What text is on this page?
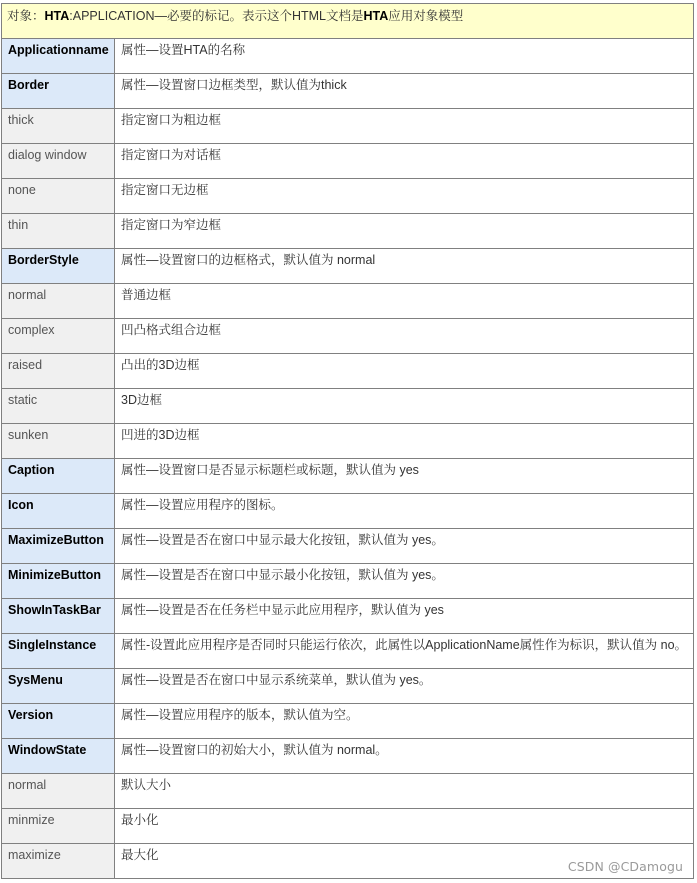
对象：HTA:APPLICATION—必要的标记。表示这个HTML文档是HTA应用对象模型	
Applicationname	属性—设置HTA的名称
Border	属性—设置窗口边框类型，默认值为thick
thick	指定窗口为粗边框
dialog window	指定窗口为对话框
none	指定窗口无边框
thin	指定窗口为窄边框
BorderStyle	属性—设置窗口的边框格式，默认值为 normal
normal	普通边框
complex	凹凸格式组合边框
raised	凸出的3D边框
static	3D边框
sunken	凹进的3D边框
Caption	属性—设置窗口是否显示标题栏或标题，默认值为 yes
Icon	属性—设置应用程序的图标。
MaximizeButton	属性—设置是否在窗口中显示最大化按钮，默认值为 yes。
MinimizeButton	属性—设置是否在窗口中显示最小化按钮，默认值为 yes。
ShowInTaskBar	属性—设置是否在任务栏中显示此应用程序，默认值为 yes
SingleInstance	属性-设置此应用程序是否同时只能运行依次，此属性以ApplicationName属性作为标识，默认值为 no。
SysMenu	属性—设置是否在窗口中显示系统菜单，默认值为 yes。
Version	属性—设置应用程序的版本，默认值为空。
WindowState	属性—设置窗口的初始大小，默认值为 normal。
normal	默认大小
minmize	最小化
maximize	最大化
CSDN @CDamogu
